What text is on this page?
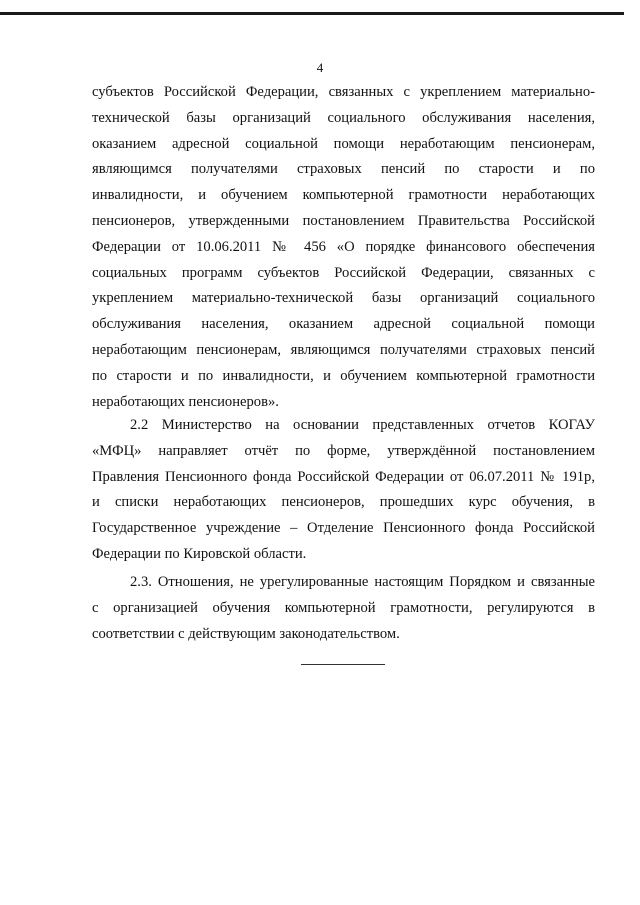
4

субъектов Российской Федерации, связанных с укреплением материально-
технической базы организаций социального обслуживания населения,
оказанием адресной социальной помощи неработающим пенсионерам,
являющимся получателями страховых пенсий по старости и по
инвалидности, и обучением компьютерной грамотности неработающих
пенсионеров, утвержденными постановлением Правительства Российской
Федерации от 10.06.2011 № 456 «О порядке финансового обеспечения
социальных программ субъектов Российской Федерации, связанных с
укреплением материально-технической базы организаций социального
обслуживания населения, оказанием адресной социальной помощи
неработающим пенсионерам, являющимся получателями страховых пенсий
по старости и по инвалидности, и обучением компьютерной грамотности
неработающих пенсионеров».

2.2 Министерство на основании представленных отчетов КОГАУ
«МФЦ» направляет отчёт по форме, утверждённой постановлением
Правления Пенсионного фонда Российской Федерации от 06.07.2011 № 191р,
и списки неработающих пенсионеров, прошедших курс обучения, в
Государственное учреждение – Отделение Пенсионного фонда Российской
Федерации по Кировской области.

2.3. Отношения, не урегулированные настоящим Порядком и связанные
с организацией обучения компьютерной грамотности, регулируются в
соответствии с действующим законодательством.
